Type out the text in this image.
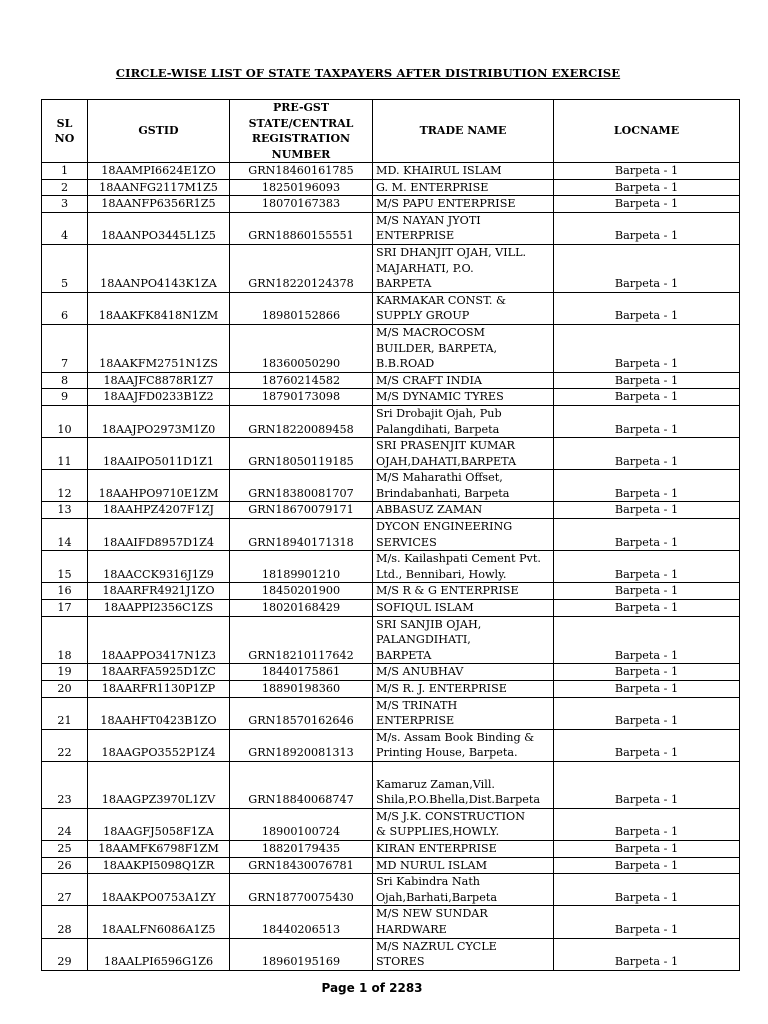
CIRCLE-WISE LIST OF STATE TAXPAYERS AFTER DISTRIBUTION EXERCISE
SL NO	GSTID	PRE-GST STATE/CENTRAL REGISTRATION NUMBER	TRADE NAME	LOCNAME
1	18AAMPI6624E1ZO	GRN18460161785	MD. KHAIRUL ISLAM	Barpeta - 1
2	18AANFG2117M1Z5	18250196093	G. M. ENTERPRISE	Barpeta - 1
3	18AANFP6356R1Z5	18070167383	M/S PAPU ENTERPRISE	Barpeta - 1
4	18AANPO3445L1Z5	GRN18860155551	M/S NAYAN JYOTI
ENTERPRISE	Barpeta - 1
5	18AANPO4143K1ZA	GRN18220124378	SRI DHANJIT OJAH, VILL.
MAJARHATI, P.O.
BARPETA	Barpeta - 1
6	18AAKFK8418N1ZM	18980152866	KARMAKAR CONST. &
SUPPLY GROUP	Barpeta - 1
7	18AAKFM2751N1ZS	18360050290	M/S MACROCOSM
BUILDER, BARPETA,
B.B.ROAD	Barpeta - 1
8	18AAJFC8878R1Z7	18760214582	M/S CRAFT INDIA	Barpeta - 1
9	18AAJFD0233B1Z2	18790173098	M/S DYNAMIC TYRES	Barpeta - 1
10	18AAJPO2973M1Z0	GRN18220089458	Sri Drobajit Ojah, Pub
Palangdihati, Barpeta	Barpeta - 1
11	18AAIPO5011D1Z1	GRN18050119185	SRI PRASENJIT KUMAR
OJAH,DAHATI,BARPETA	Barpeta - 1
12	18AAHPO9710E1ZM	GRN18380081707	M/S Maharathi Offset,
Brindabanhati, Barpeta	Barpeta - 1
13	18AAHPZ4207F1ZJ	GRN18670079171	ABBASUZ ZAMAN	Barpeta - 1
14	18AAIFD8957D1Z4	GRN18940171318	DYCON ENGINEERING
SERVICES	Barpeta - 1
15	18AACCK9316J1Z9	18189901210	M/s. Kailashpati Cement Pvt.
Ltd., Bennibari, Howly.	Barpeta - 1
16	18AARFR4921J1ZO	18450201900	M/S R & G ENTERPRISE	Barpeta - 1
17	18AAPPI2356C1ZS	18020168429	SOFIQUL ISLAM	Barpeta - 1
18	18AAPPO3417N1Z3	GRN18210117642	SRI SANJIB OJAH,
PALANGDIHATI,
BARPETA	Barpeta - 1
19	18AARFA5925D1ZC	18440175861	M/S ANUBHAV	Barpeta - 1
20	18AARFR1130P1ZP	18890198360	M/S R. J. ENTERPRISE	Barpeta - 1
21	18AAHFT0423B1ZO	GRN18570162646	M/S TRINATH
ENTERPRISE	Barpeta - 1
22	18AAGPO3552P1Z4	GRN18920081313	M/s. Assam Book Binding &
Printing House, Barpeta.	Barpeta - 1
23	18AAGPZ3970L1ZV	GRN18840068747	Kamaruz Zaman,Vill.
Shila,P.O.Bhella,Dist.Barpeta	Barpeta - 1
24	18AAGFJ5058F1ZA	18900100724	M/S J.K. CONSTRUCTION
& SUPPLIES,HOWLY.	Barpeta - 1
25	18AAMFK6798F1ZM	18820179435	KIRAN ENTERPRISE	Barpeta - 1
26	18AAKPI5098Q1ZR	GRN18430076781	MD NURUL ISLAM	Barpeta - 1
27	18AAKPO0753A1ZY	GRN18770075430	Sri Kabindra Nath
Ojah,Barhati,Barpeta	Barpeta - 1
28	18AALFN6086A1Z5	18440206513	M/S NEW SUNDAR
HARDWARE	Barpeta - 1
29	18AALPI6596G1Z6	18960195169	M/S NAZRUL CYCLE
STORES	Barpeta - 1
Page 1 of 2283
